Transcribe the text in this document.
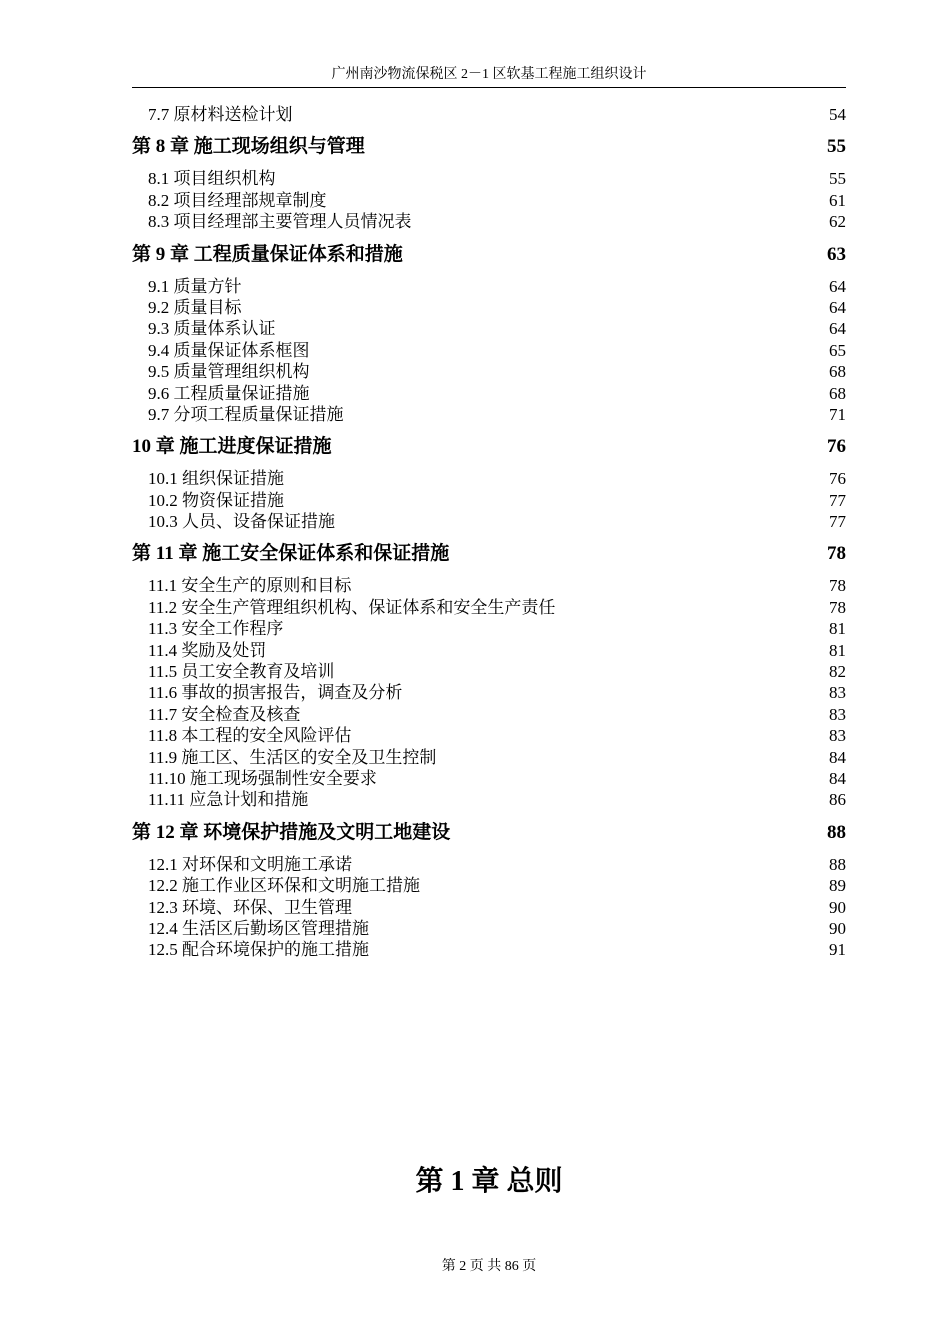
广州南沙物流保税区 2－1 区软基工程施工组织设计
7.7 原材料送检计划	54
第 8 章 施工现场组织与管理	55
8.1 项目组织机构	55
8.2 项目经理部规章制度	61
8.3 项目经理部主要管理人员情况表	62
第 9 章 工程质量保证体系和措施	63
9.1 质量方针	64
9.2 质量目标	64
9.3 质量体系认证	64
9.4 质量保证体系框图	65
9.5 质量管理组织机构	68
9.6 工程质量保证措施	68
9.7 分项工程质量保证措施	71
10 章 施工进度保证措施	76
10.1 组织保证措施	76
10.2 物资保证措施	77
10.3 人员、设备保证措施	77
第 11 章 施工安全保证体系和保证措施	78
11.1 安全生产的原则和目标	78
11.2 安全生产管理组织机构、保证体系和安全生产责任	78
11.3 安全工作程序	81
11.4 奖励及处罚	81
11.5 员工安全教育及培训	82
11.6 事故的损害报告，调查及分析	83
11.7 安全检查及核查	83
11.8 本工程的安全风险评估	83
11.9 施工区、生活区的安全及卫生控制	84
11.10 施工现场强制性安全要求	84
11.11 应急计划和措施	86
第 12 章 环境保护措施及文明工地建设	88
12.1 对环保和文明施工承诺	88
12.2 施工作业区环保和文明施工措施	89
12.3 环境、环保、卫生管理	90
12.4 生活区后勤场区管理措施	90
12.5 配合环境保护的施工措施	91
第 1 章 总则
第 2 页 共 86 页
